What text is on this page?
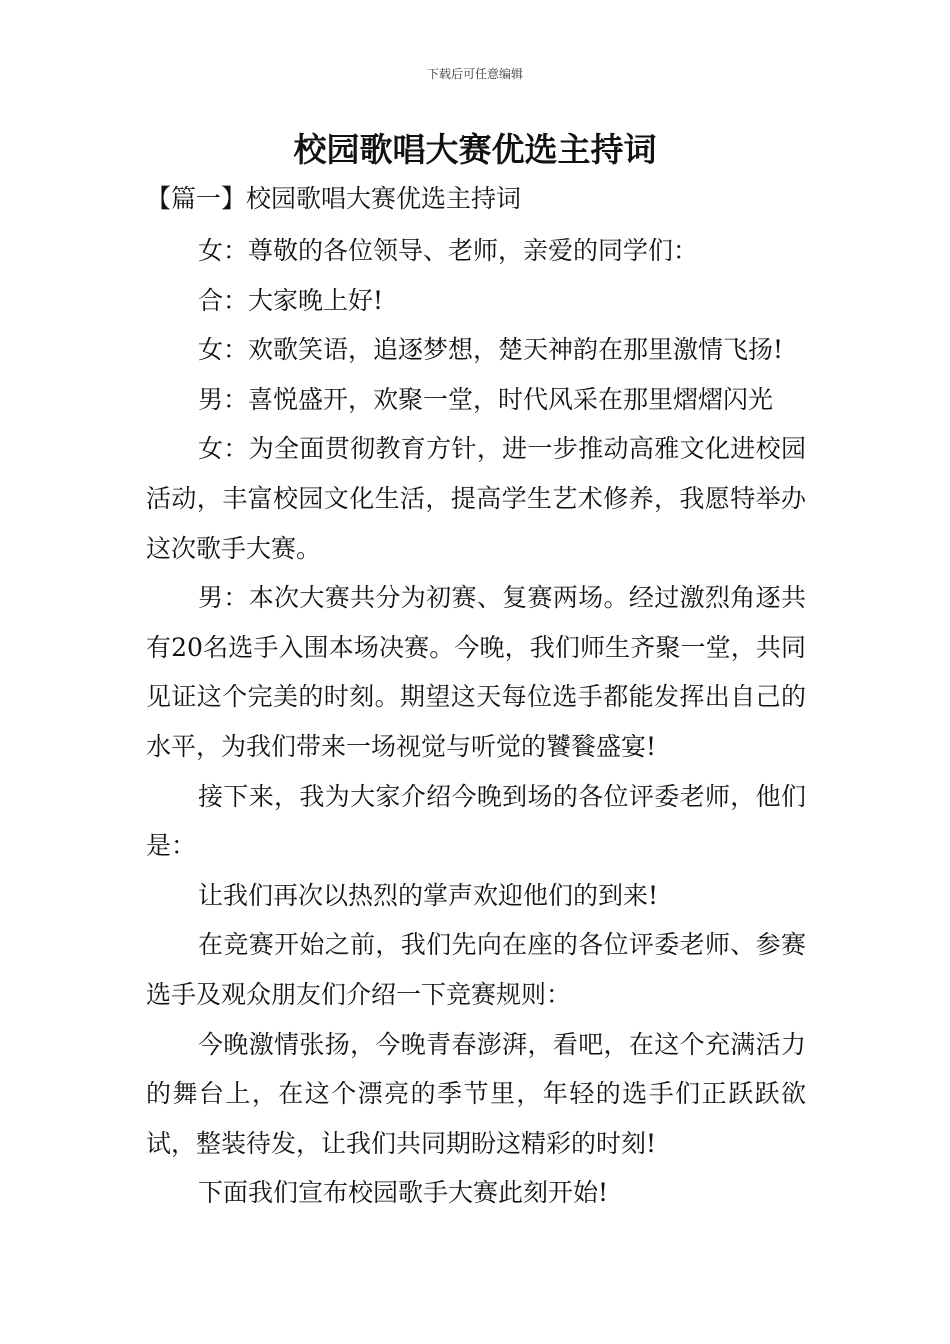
下载后可任意编辑
校园歌唱大赛优选主持词
【篇一】校园歌唱大赛优选主持词

女：尊敬的各位领导、老师，亲爱的同学们：

合：大家晚上好!

女：欢歌笑语，追逐梦想，楚天神韵在那里激情飞扬!

男：喜悦盛开，欢聚一堂，时代风采在那里熠熠闪光

女：为全面贯彻教育方针，进一步推动高雅文化进校园活动，丰富校园文化生活，提高学生艺术修养，我愿特举办这次歌手大赛。

男：本次大赛共分为初赛、复赛两场。经过激烈角逐共有20名选手入围本场决赛。今晚，我们师生齐聚一堂，共同见证这个完美的时刻。期望这天每位选手都能发挥出自己的水平，为我们带来一场视觉与听觉的饕餮盛宴!

接下来，我为大家介绍今晚到场的各位评委老师，他们是：

让我们再次以热烈的掌声欢迎他们的到来!

在竞赛开始之前，我们先向在座的各位评委老师、参赛选手及观众朋友们介绍一下竞赛规则：

今晚激情张扬，今晚青春澎湃，看吧，在这个充满活力的舞台上，在这个漂亮的季节里，年轻的选手们正跃跃欲试，整装待发，让我们共同期盼这精彩的时刻!

下面我们宣布校园歌手大赛此刻开始!
